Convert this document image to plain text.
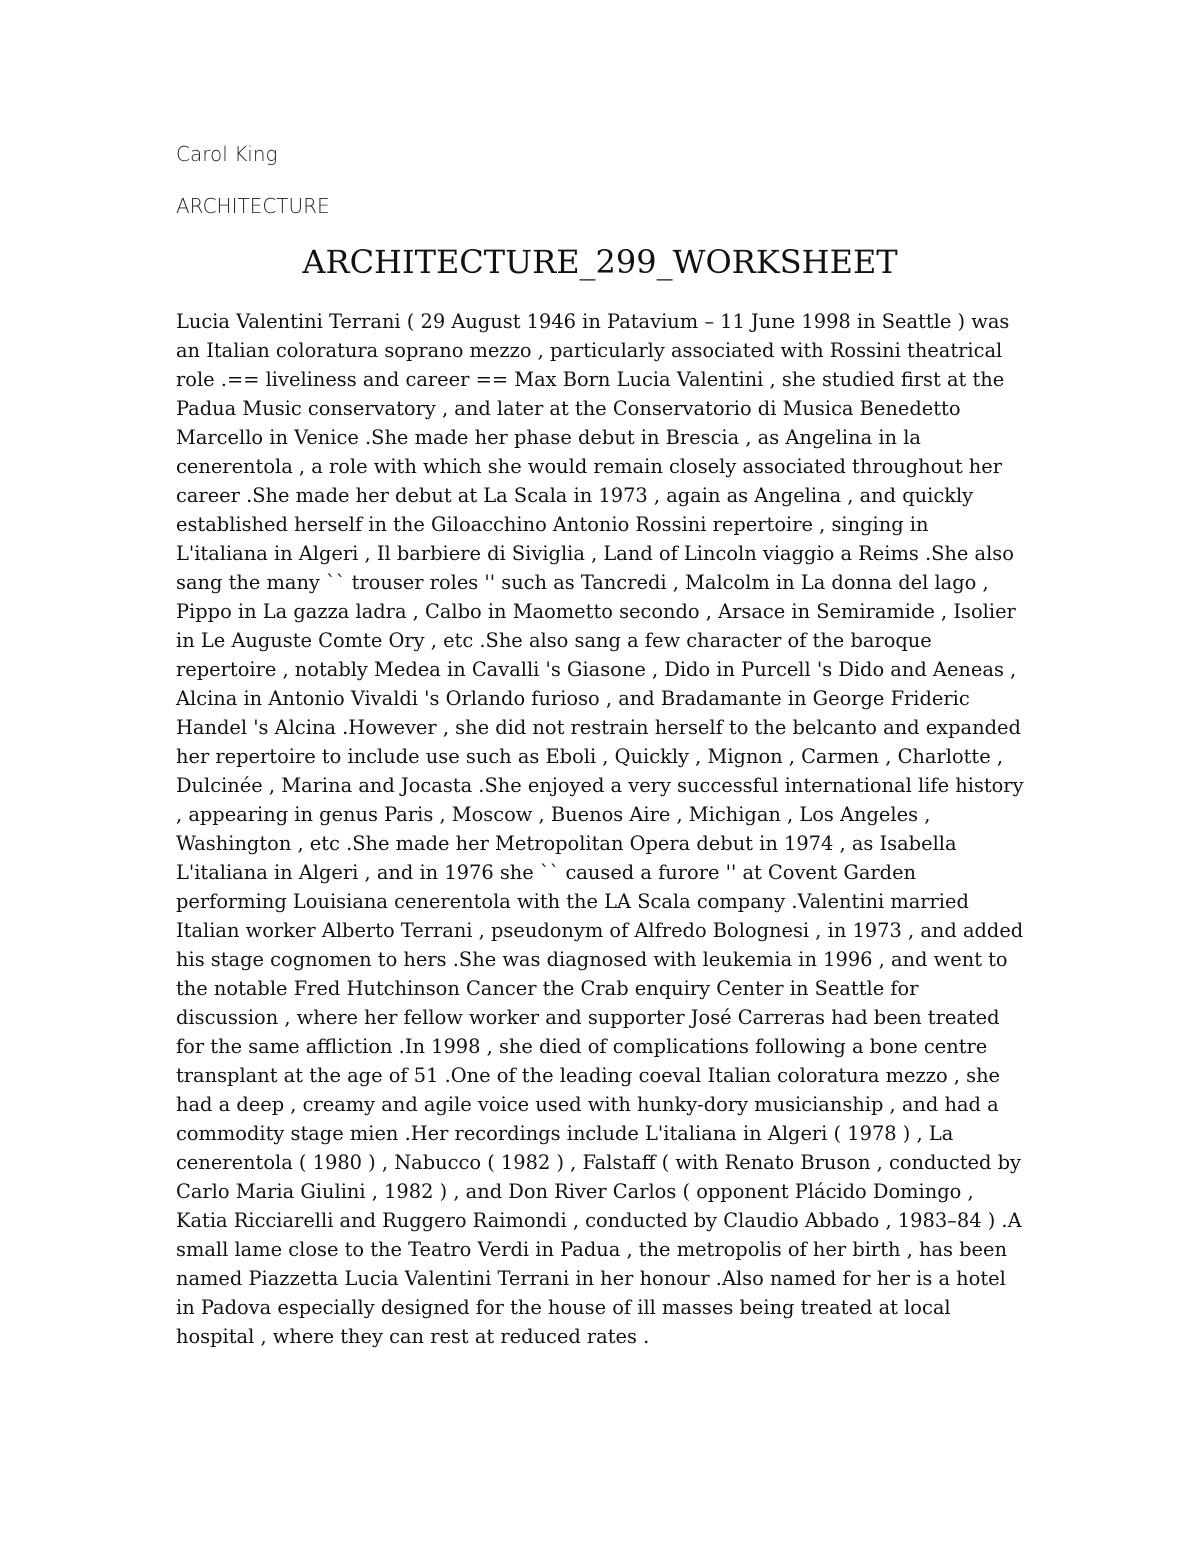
Carol King

ARCHITECTURE

ARCHITECTURE_299_WORKSHEET

Lucia Valentini Terrani ( 29 August 1946 in Patavium – 11 June 1998 in Seattle ) was an Italian coloratura soprano mezzo , particularly associated with Rossini theatrical role .== liveliness and career == Max Born Lucia Valentini , she studied first at the Padua Music conservatory , and later at the Conservatorio di Musica Benedetto Marcello in Venice .She made her phase debut in Brescia , as Angelina in la cenerentola , a role with which she would remain closely associated throughout her career .She made her debut at La Scala in 1973 , again as Angelina , and quickly established herself in the Giloacchino Antonio Rossini repertoire , singing in L'italiana in Algeri , Il barbiere di Siviglia , Land of Lincoln viaggio a Reims .She also sang the many `` trouser roles '' such as Tancredi , Malcolm in La donna del lago , Pippo in La gazza ladra , Calbo in Maometto secondo , Arsace in Semiramide , Isolier in Le Auguste Comte Ory , etc .She also sang a few character of the baroque repertoire , notably Medea in Cavalli 's Giasone , Dido in Purcell 's Dido and Aeneas , Alcina in Antonio Vivaldi 's Orlando furioso , and Bradamante in George Frideric Handel 's Alcina .However , she did not restrain herself to the belcanto and expanded her repertoire to include use such as Eboli , Quickly , Mignon , Carmen , Charlotte , Dulcinée , Marina and Jocasta .She enjoyed a very successful international life history , appearing in genus Paris , Moscow , Buenos Aire , Michigan , Los Angeles , Washington , etc .She made her Metropolitan Opera debut in 1974 , as Isabella L'italiana in Algeri , and in 1976 she `` caused a furore '' at Covent Garden performing Louisiana cenerentola with the LA Scala company .Valentini married Italian worker Alberto Terrani , pseudonym of Alfredo Bolognesi , in 1973 , and added his stage cognomen to hers .She was diagnosed with leukemia in 1996 , and went to the notable Fred Hutchinson Cancer the Crab enquiry Center in Seattle for discussion , where her fellow worker and supporter José Carreras had been treated for the same affliction .In 1998 , she died of complications following a bone centre transplant at the age of 51 .One of the leading coeval Italian coloratura mezzo , she had a deep , creamy and agile voice used with hunky-dory musicianship , and had a commodity stage mien .Her recordings include L'italiana in Algeri ( 1978 ) , La cenerentola ( 1980 ) , Nabucco ( 1982 ) , Falstaff ( with Renato Bruson , conducted by Carlo Maria Giulini , 1982 ) , and Don River Carlos ( opponent Plácido Domingo , Katia Ricciarelli and Ruggero Raimondi , conducted by Claudio Abbado , 1983–84 ) .A small lame close to the Teatro Verdi in Padua , the metropolis of her birth , has been named Piazzetta Lucia Valentini Terrani in her honour .Also named for her is a hotel in Padova especially designed for the house of ill masses being treated at local hospital , where they can rest at reduced rates .
